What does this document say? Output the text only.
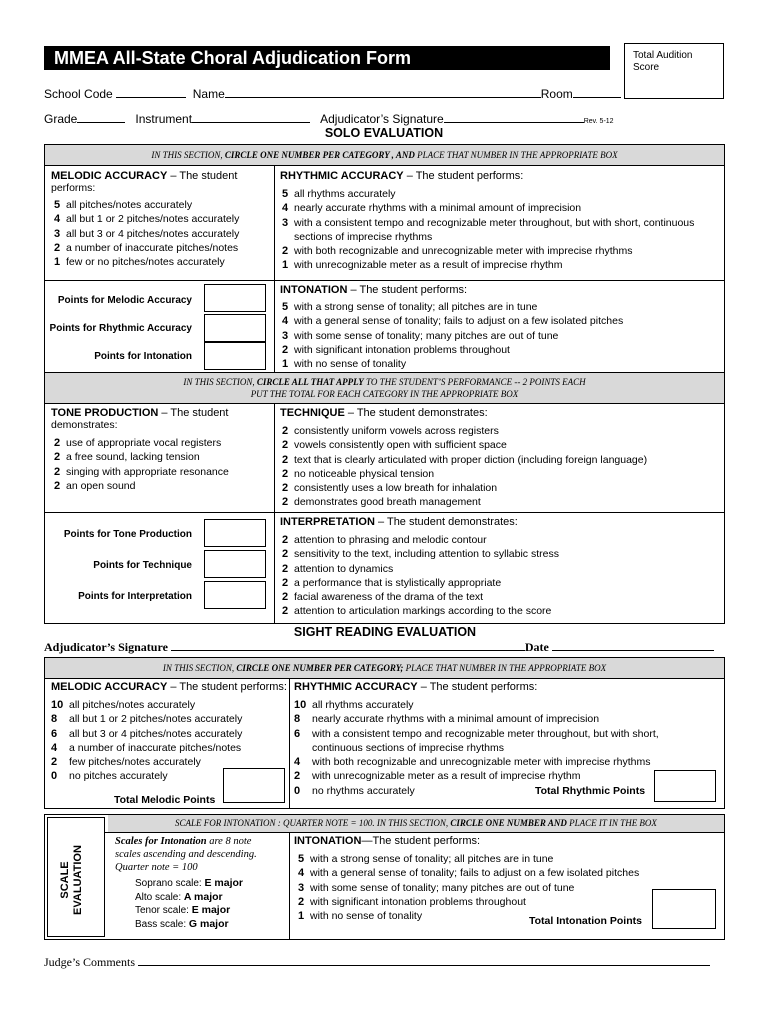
MMEA All-State Choral Adjudication Form	Total Audition Score
School Code	Name	Room
Grade	Instrument	Adjudicator’s Signature	Rev. 5-12
SOLO EVALUATION
IN THIS SECTION, CIRCLE ONE NUMBER PER CATEGORY , AND PLACE THAT NUMBER IN THE APPROPRIATE BOX
MELODIC ACCURACY – The student
performs:
5 all pitches/notes accurately
4 all but 1 or 2 pitches/notes accurately
3 all but 3 or 4 pitches/notes accurately
2 a number of inaccurate pitches/notes
1 few or no pitches/notes accurately
RHYTHMIC ACCURACY – The student performs:
5 all rhythms accurately
4 nearly accurate rhythms with a minimal amount of imprecision
3 with a consistent tempo and recognizable meter throughout, but with short, continuous
sections of imprecise rhythms
2 with both recognizable and unrecognizable meter with imprecise rhythms
1 with unrecognizable meter as a result of imprecise rhythm
Points for Melodic Accuracy
Points for Rhythmic Accuracy
Points for Intonation
INTONATION – The student performs:
5 with a strong sense of tonality; all pitches are in tune
4 with a general sense of tonality; fails to adjust on a few isolated pitches
3 with some sense of tonality; many pitches are out of tune
2 with significant intonation problems throughout
1 with no sense of tonality
IN THIS SECTION, CIRCLE ALL THAT APPLY TO THE STUDENT’S PERFORMANCE -- 2 POINTS EACH
PUT THE TOTAL FOR EACH CATEGORY IN THE APPROPRIATE BOX
TONE PRODUCTION – The student
demonstrates:
2 use of appropriate vocal registers
2 a free sound, lacking tension
2 singing with appropriate resonance
2 an open sound
TECHNIQUE – The student demonstrates:
2 consistently uniform vowels across registers
2 vowels consistently open with sufficient space
2 text that is clearly articulated with proper diction (including foreign language)
2 no noticeable physical tension
2 consistently uses a low breath for inhalation
2 demonstrates good breath management
Points for Tone Production
Points for Technique
Points for Interpretation
INTERPRETATION – The student demonstrates:
2 attention to phrasing and melodic contour
2 sensitivity to the text, including attention to syllabic stress
2 attention to dynamics
2 a performance that is stylistically appropriate
2 facial awareness of the drama of the text
2 attention to articulation markings according to the score
SIGHT READING EVALUATION
Adjudicator’s Signature	Date
IN THIS SECTION, CIRCLE ONE NUMBER PER CATEGORY; PLACE THAT NUMBER IN THE APPROPRIATE BOX
MELODIC ACCURACY – The student performs:
10 all pitches/notes accurately
8 all but 1 or 2 pitches/notes accurately
6 all but 3 or 4 pitches/notes accurately
4 a number of inaccurate pitches/notes
2 few pitches/notes accurately
0 no pitches accurately
Total Melodic Points
RHYTHMIC ACCURACY – The student performs:
10 all rhythms accurately
8 nearly accurate rhythms with a minimal amount of imprecision
6 with a consistent tempo and recognizable meter throughout, but with short,
continuous sections of imprecise rhythms
4 with both recognizable and unrecognizable meter with imprecise rhythms
2 with unrecognizable meter as a result of imprecise rhythm
0 no rhythms accurately	Total Rhythmic Points
SCALE FOR INTONATION : QUARTER NOTE = 100. IN THIS SECTION, CIRCLE ONE NUMBER AND PLACE IT IN THE BOX
SCALE EVALUATION
Scales for Intonation are 8 note
scales ascending and descending.
Quarter note = 100
Soprano scale: E major
Alto scale: A major
Tenor scale: E major
Bass scale: G major
INTONATION—The student performs:
5 with a strong sense of tonality; all pitches are in tune
4 with a general sense of tonality; fails to adjust on a few isolated pitches
3 with some sense of tonality; many pitches are out of tune
2 with significant intonation problems throughout
1 with no sense of tonality	Total Intonation Points
Judge’s Comments
